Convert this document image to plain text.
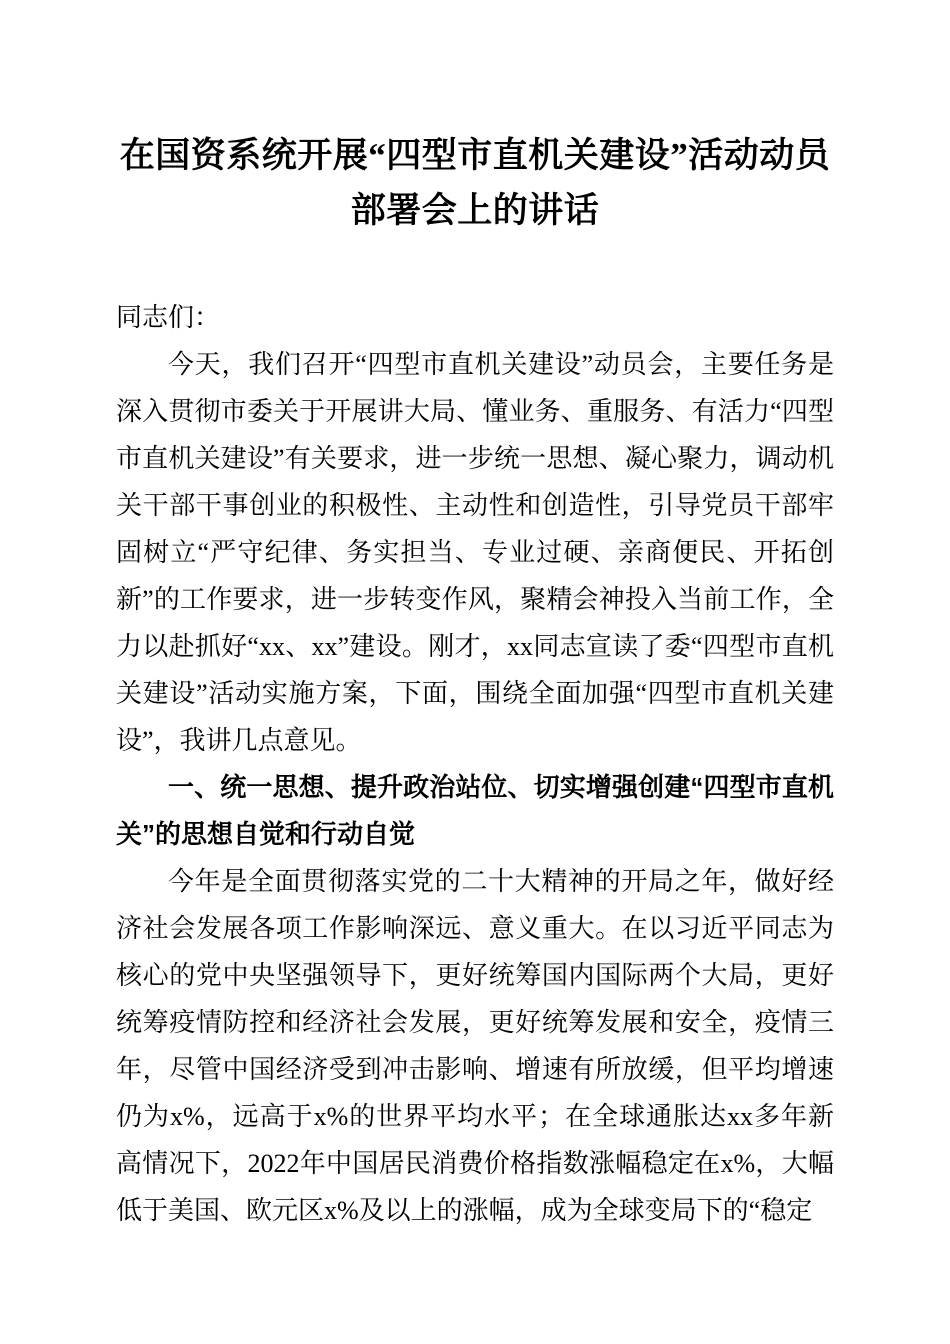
在国资系统开展“四型市直机关建设”活动动员部署会上的讲话

同志们：

今天，我们召开“四型市直机关建设”动员会，主要任务是深入贯彻市委关于开展讲大局、懂业务、重服务、有活力“四型市直机关建设”有关要求，进一步统一思想、凝心聚力，调动机关干部干事创业的积极性、主动性和创造性，引导党员干部牢固树立“严守纪律、务实担当、专业过硬、亲商便民、开拓创新”的工作要求，进一步转变作风，聚精会神投入当前工作，全力以赴抓好“xx、xx”建设。刚才，xx同志宣读了委“四型市直机关建设”活动实施方案，下面，围绕全面加强“四型市直机关建设”，我讲几点意见。

一、统一思想、提升政治站位、切实增强创建“四型市直机关”的思想自觉和行动自觉

今年是全面贯彻落实党的二十大精神的开局之年，做好经济社会发展各项工作影响深远、意义重大。在以习近平同志为核心的党中央坚强领导下，更好统筹国内国际两个大局，更好统筹疫情防控和经济社会发展，更好统筹发展和安全，疫情三年，尽管中国经济受到冲击影响、增速有所放缓，但平均增速仍为x%，远高于x%的世界平均水平；在全球通胀达xx多年新高情况下，2022年中国居民消费价格指数涨幅稳定在x%，大幅低于美国、欧元区x%及以上的涨幅，成为全球变局下的“稳定
